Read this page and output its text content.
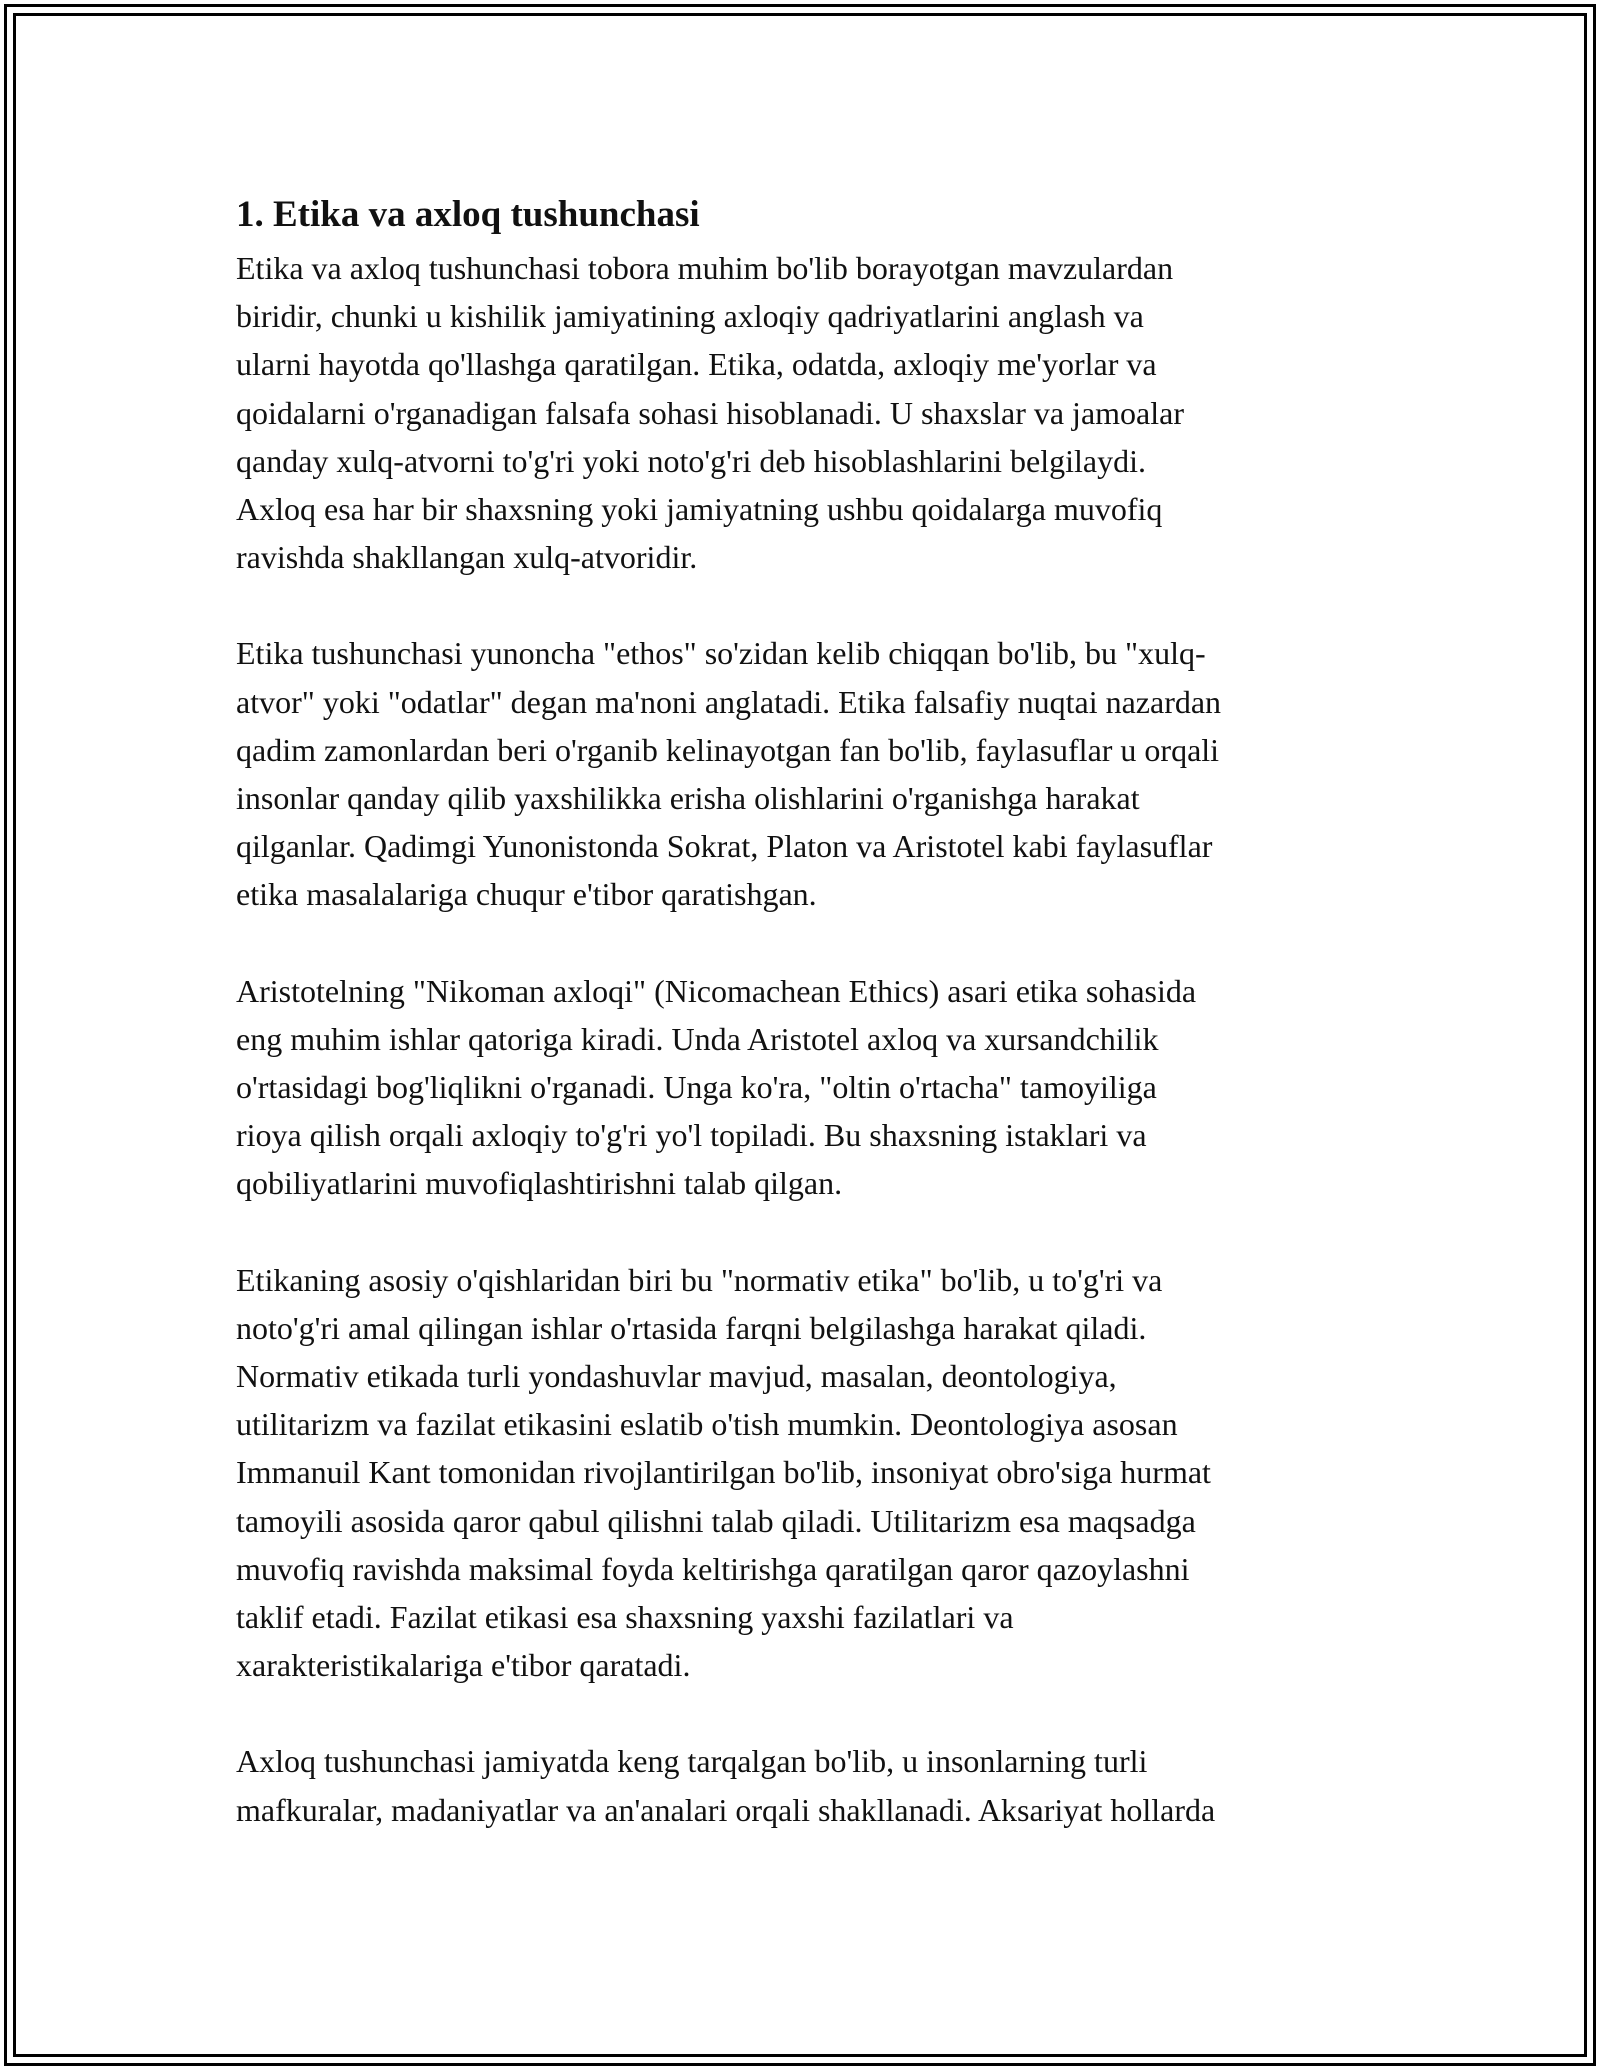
1. Etika va axloq tushunchasi

Etika va axloq tushunchasi tobora muhim bo'lib borayotgan mavzulardan
biridir, chunki u kishilik jamiyatining axloqiy qadriyatlarini anglash va
ularni hayotda qo'llashga qaratilgan. Etika, odatda, axloqiy me'yorlar va
qoidalarni o'rganadigan falsafa sohasi hisoblanadi. U shaxslar va jamoalar
qanday xulq-atvorni to'g'ri yoki noto'g'ri deb hisoblashlarini belgilaydi.
Axloq esa har bir shaxsning yoki jamiyatning ushbu qoidalarga muvofiq
ravishda shakllangan xulq-atvoridir.

Etika tushunchasi yunoncha "ethos" so'zidan kelib chiqqan bo'lib, bu "xulq-
atvor" yoki "odatlar" degan ma'noni anglatadi. Etika falsafiy nuqtai nazardan
qadim zamonlardan beri o'rganib kelinayotgan fan bo'lib, faylasuflar u orqali
insonlar qanday qilib yaxshilikka erisha olishlarini o'rganishga harakat
qilganlar. Qadimgi Yunonistonda Sokrat, Platon va Aristotel kabi faylasuflar
etika masalalariga chuqur e'tibor qaratishgan.

Aristotelning "Nikoman axloqi" (Nicomachean Ethics) asari etika sohasida
eng muhim ishlar qatoriga kiradi. Unda Aristotel axloq va xursandchilik
o'rtasidagi bog'liqlikni o'rganadi. Unga ko'ra, "oltin o'rtacha" tamoyiliga
rioya qilish orqali axloqiy to'g'ri yo'l topiladi. Bu shaxsning istaklari va
qobiliyatlarini muvofiqlashtirishni talab qilgan.

Etikaning asosiy o'qishlaridan biri bu "normativ etika" bo'lib, u to'g'ri va
noto'g'ri amal qilingan ishlar o'rtasida farqni belgilashga harakat qiladi.
Normativ etikada turli yondashuvlar mavjud, masalan, deontologiya,
utilitarizm va fazilat etikasini eslatib o'tish mumkin. Deontologiya asosan
Immanuil Kant tomonidan rivojlantirilgan bo'lib, insoniyat obro'siga hurmat
tamoyili asosida qaror qabul qilishni talab qiladi. Utilitarizm esa maqsadga
muvofiq ravishda maksimal foyda keltirishga qaratilgan qaror qazoylashni
taklif etadi. Fazilat etikasi esa shaxsning yaxshi fazilatlari va
xarakteristikalariga e'tibor qaratadi.

Axloq tushunchasi jamiyatda keng tarqalgan bo'lib, u insonlarning turli
mafkuralar, madaniyatlar va an'analari orqali shakllanadi. Aksariyat hollarda
